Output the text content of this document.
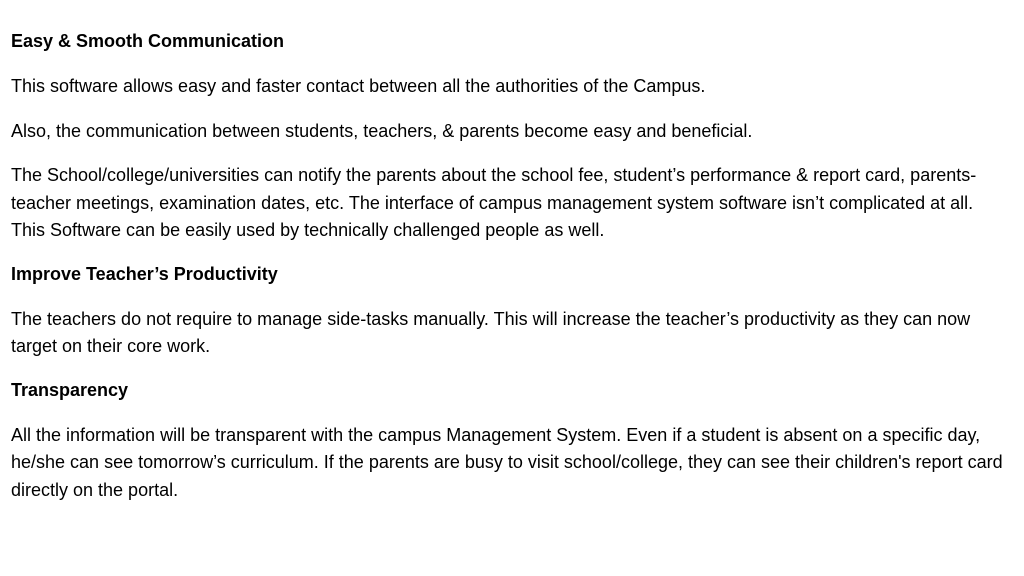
Easy & Smooth Communication

This software allows easy and faster contact between all the authorities of the Campus.

Also, the communication between students, teachers, & parents become easy and beneficial.

The School/college/universities can notify the parents about the school fee, student’s performance & report card, parents-teacher meetings, examination dates, etc. The interface of campus management system software isn’t complicated at all. This Software can be easily used by technically challenged people as well.

Improve Teacher’s Productivity

The teachers do not require to manage side-tasks manually. This will increase the teacher’s productivity as they can now target on their core work.

Transparency

All the information will be transparent with the campus Management System. Even if a student is absent on a specific day, he/she can see tomorrow’s curriculum. If the parents are busy to visit school/college, they can see their children's report card directly on the portal.
